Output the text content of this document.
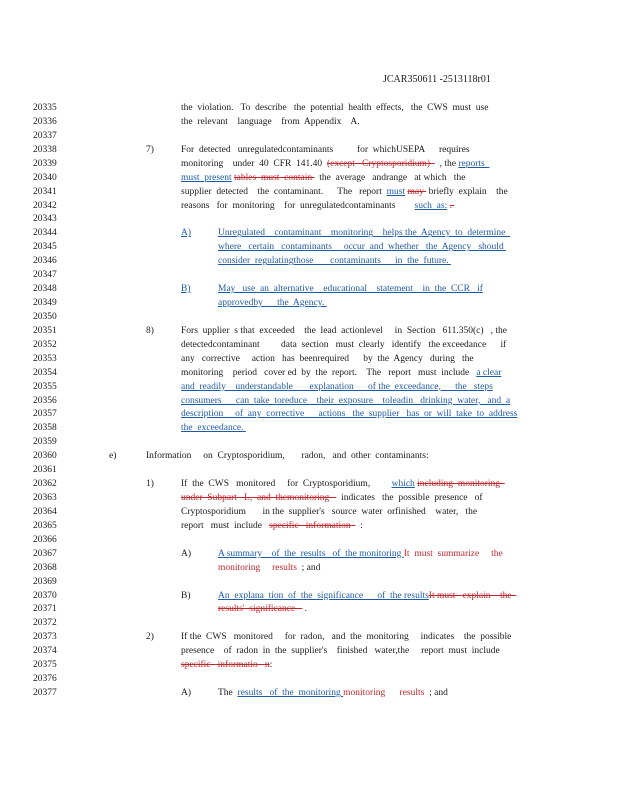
JCAR350611 -2513118r01
20335
20336
20337
20338
20339
20340
20341
20342
20343
20344
20345
20346
20347
20348
20349
20350
20351
20352
20353
20354
20355
20356
20357
20358
20359
20360
20361
20362
20363
20364
20365
20366
20367
20368
20369
20370
20371
20372
20373
20374
20375
20376
20377
the  violation.   To  describe   the  potential  health  effects,   the  CWS  must  use
the  relevant    language    from  Appendix    A.
7)	For  detected   unregulatedcontaminants          for  whichUSEPA      requires
monitoring    under  40  CFR  141.40  (except   Cryptosporidium)    , the reports
must  present tables  must  contain   the  average   andrange   at which   the
supplier  detected    the  contaminant.      The   report  must may  briefly  explain    the
reasons   for  monitoring    for  unregulatedcontaminants        such  as: .
A)	Unregulated    contaminant    monitoring    helps the  Agency  to  determine
where   certain   contaminants     occur  and  whether   the  Agency   should
consider  regulatingthose       contaminants      in  the  future.
B)	May   use  an  alternative    educational    statement    in  the  CCR   if
approvedby      the  Agency.
8)	Fors  upplier  s that  exceeded    the  lead  actionlevel     in  Section   611.350(c)   , the
detectedcontaminant         data  section   must  clearly   identify   the exceedance      if
any   corrective     action   has  beenrequired      by  the  Agency   during   the
monitoring    period   cover ed  by  the  report.    The   report   must  include   a clear
and  readily    understandable       explanation      of the  exceedance,      the   steps
consumers      can  take  toreduce    their  exposure    toleadin   drinking  water,   and  a
description     of  any  corrective      actions   the  supplier   has  or  will  take  to  address
the  exceedance.
e)	Information     on  Cryptosporidium,       radon,   and  other  contaminants:
1)	If  the  CWS   monitored     for  Cryptosporidium,         which including  monitoring
under  Subpart   L,  and  themonitoring     indicates   the  possible  presence   of
Cryptosporidium       in the  supplier's   source  water  orfinished    water,   the
report   must  include   specific   information    :
A)	A summary    of  the  results   of  the monitoring It  must  summarize     the
monitoring     results  ; and
B)	An  explana  tion  of  the  significance      of  the resultsIt must   explain    the
results'  significance    .
2)	If the  CWS   monitored     for  radon,   and  the  monitoring     indicates    the  possible
presence    of  radon  in  the  supplier's    finished   water,the     report  must  include
specific   informatio   n:
A)	The  results   of  the  monitoring monitoring      results  ; and
